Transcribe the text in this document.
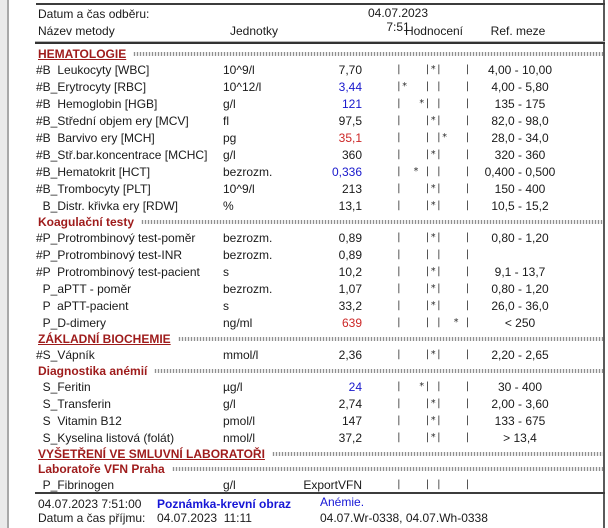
Datum a čas odběru:	04.07.2023
Název metody	Jednotky	7:51
Hodnocení	Ref. meze
HEMATOLOGIE
#B  Leukocyty [WBC]	10^9/l	7,70	|    |*|    |	4,00 - 10,00
#B_Erytrocyty [RBC]	10^12/l	3,44	|*   | |    |	4,00 - 5,80
#B  Hemoglobin [HGB]	g/l	121	|   *| |    |	135 - 175
#B_Střední objem ery [MCV]	fl	97,5	|    |*|    |	82,0 - 98,0
#B  Barvivo ery [MCH]	pg	35,1	|    | |*   |	28,0 - 34,0
#B_Stř.bar.koncentrace [MCHC]	g/l	360	|    |*|    |	320 - 360
#B_Hematokrit [HCT]	bezrozm.	0,336	|  * | |    |	0,400 - 0,500
#B_Trombocyty [PLT]	10^9/l	213	|    |*|    |	150 - 400
B_Distr. křivka ery [RDW]	%	13,1	|    |*|    |	10,5 - 15,2
Koagulační testy
#P_Protrombinový test-poměr	bezrozm.	0,89	|    |*|    |	0,80 - 1,20
#P_Protrombinový test-INR	bezrozm.	0,89	|    | |    |
#P  Protrombinový test-pacient	s	10,2	|    |*|    |	9,1 - 13,7
P_aPTT - poměr	bezrozm.	1,07	|    |*|    |	0,80 - 1,20
P  aPTT-pacient	s	33,2	|    |*|    |	26,0 - 36,0
P_D-dimery	ng/ml	639	|    | |  * |	< 250
ZÁKLADNÍ BIOCHEMIE
#S_Vápník	mmol/l	2,36	|    |*|    |	2,20 - 2,65
Diagnostika anémií
S_Feritin	µg/l	24	|   *| |    |	30 - 400
S_Transferin	g/l	2,74	|    |*|    |	2,00 - 3,60
S  Vitamin B12	pmol/l	147	|    |*|    |	133 - 675
S_Kyselina listová (folát)	nmol/l	37,2	|    |*|    |	> 13,4
VYŠETŘENÍ VE SMLUVNÍ LABORATOŘI
Laboratoře VFN Praha
P_Fibrinogen	g/l	ExportVFN	|    | |    |
04.07.2023 7:51:00 Poznámka-krevní obraz Anémie.
Datum a čas příjmu: 04.07.2023  11:11	04.07.Wr-0338, 04.07.Wh-0338
